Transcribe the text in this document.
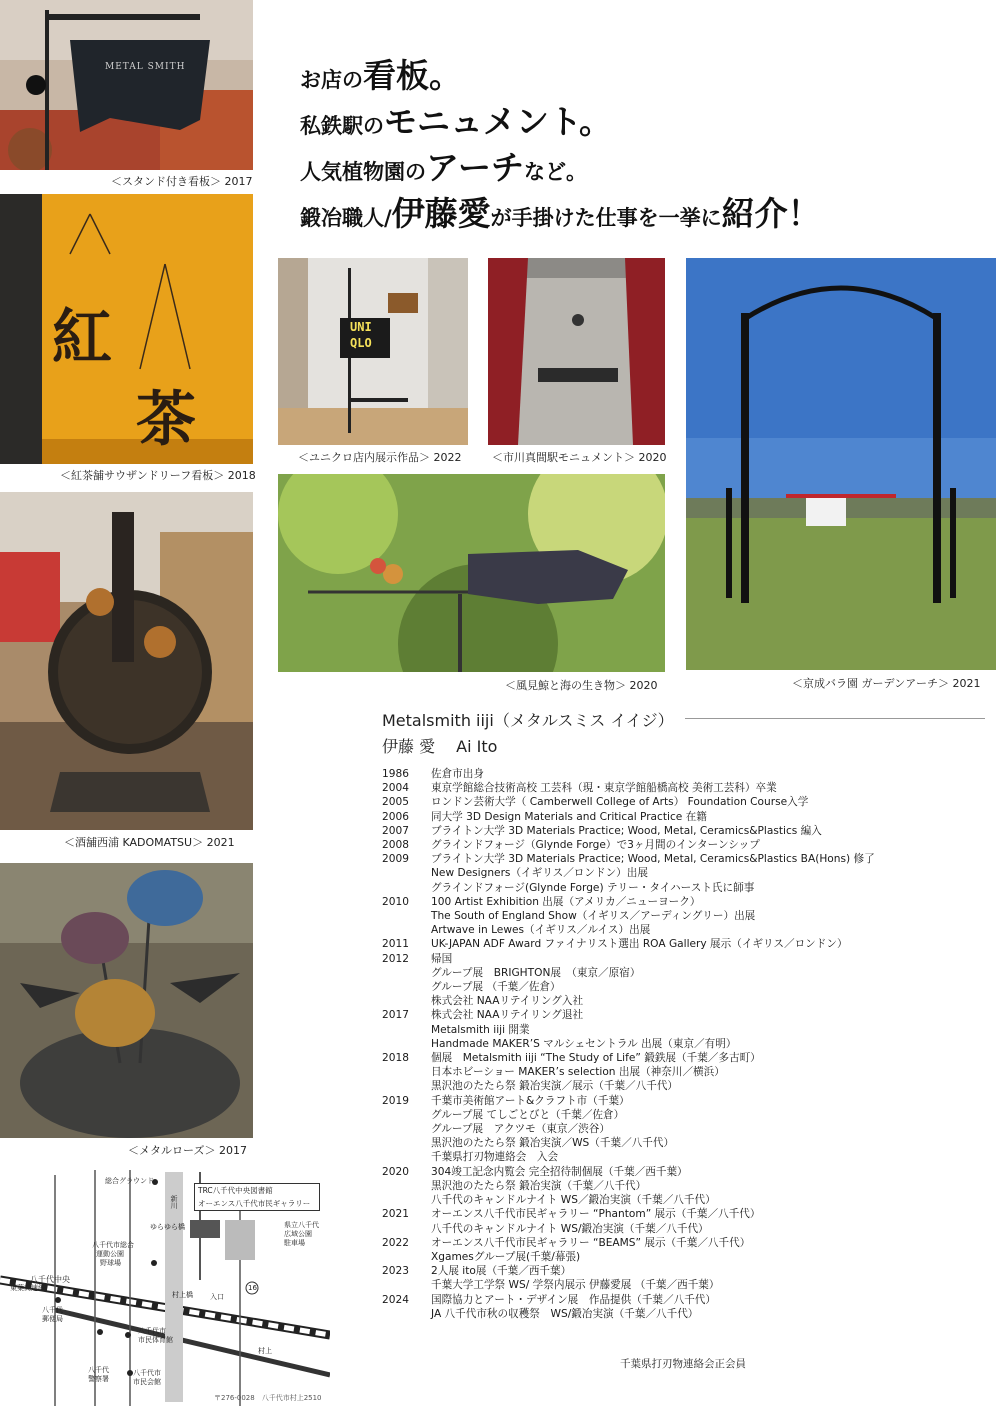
お店の看板。
私鉄駅のモニュメント。
人気植物園のアーチなど。
鍛冶職人/伊藤愛が手掛けた仕事を一挙に紹介！
METAL SMITH
＜スタンド付き看板＞ 2017
紅
茶
＜紅茶舗サウザンドリーフ看板＞ 2018
＜酒舗西浦 KADOMATSU＞ 2021
＜メタルローズ＞ 2017
UNI
QLO
＜ユニクロ店内展示作品＞ 2022	＜市川真間駅モニュメント＞ 2020
＜京成バラ園 ガーデンアーチ＞ 2021
＜風見鯨と海の生き物＞ 2020
Metalsmith iiji（メタルスミス イイジ）
伊藤 愛　 Ai Ito
1986	佐倉市出身
2004	東京学館総合技術高校 工芸科（現・東京学館船橋高校 美術工芸科）卒業
2005	ロンドン芸術大学（ Camberwell College of Arts） Foundation Course入学
2006	同大学 3D Design Materials and Critical Practice 在籍
2007	ブライトン大学 3D Materials Practice; Wood, Metal, Ceramics&Plastics 編入
2008	グラインドフォージ（Glynde Forge）で3ヶ月間のインターンシップ
2009	ブライトン大学 3D Materials Practice; Wood, Metal, Ceramics&Plastics BA(Hons) 修了
New Designers（イギリス／ロンドン）出展
グラインドフォージ(Glynde Forge) テリー・タイハースト氏に師事
2010	100 Artist Exhibition 出展（アメリカ／ニューヨーク）
The South of England Show（イギリス／アーディングリー）出展
Artwave in Lewes（イギリス／ルイス）出展
2011	UK-JAPAN ADF Award ファイナリスト選出 ROA Gallery 展示（イギリス／ロンドン）
2012	帰国
グループ展　BRIGHTON展　（東京／原宿）
グループ展 （千葉／佐倉）
株式会社 NAAリテイリング入社
2017	株式会社 NAAリテイリング退社
Metalsmith iiji 開業
Handmade MAKER’S マルシェセントラル 出展（東京／有明）
2018	個展　Metalsmith iiji “The Study of Life” 鍛鉄展（千葉／多古町）
日本ホビーショー MAKER’s selection 出展（神奈川／横浜）
黒沢池のたたら祭 鍛冶実演／展示（千葉／八千代）
2019	千葉市美術館アート&クラフト市（千葉）
グループ展 てしごとびと（千葉／佐倉）
グループ展　アクツモ（東京／渋谷）
黒沢池のたたら祭 鍛冶実演／WS（千葉／八千代）
千葉県打刃物連絡会　入会
2020	304竣工記念内覧会 完全招待制個展（千葉／西千葉）
黒沢池のたたら祭 鍛冶実演（千葉／八千代）
八千代のキャンドルナイト WS／鍛冶実演（千葉／八千代）
2021	オーエンス八千代市民ギャラリー “Phantom” 展示（千葉／八千代）
八千代のキャンドルナイト WS/鍛冶実演（千葉／八千代）
2022	オーエンス八千代市民ギャラリー “BEAMS” 展示（千葉／八千代）
Xgamesグループ展(千葉/幕張)
2023	2人展 ito展（千葉／西千葉）
千葉大学工学祭 WS/ 学祭内展示 伊藤愛展 （千葉／西千葉）
2024	国際協力とアート・デザイン展　作品提供（千葉／八千代）
JA 八千代市秋の収穫祭　WS/鍛冶実演（千葉／八千代）
千葉県打刃物連絡会正会員
TRC八千代中央図書館
オーエンス八千代市民ギャラリー
総合グラウンド
新川
ゆらゆら橋
八千代市総合
運動公園
野球場
県立八千代
広域公園
駐車場
八千代中央
東葉高速線
村上橋 入口
16
八千代
郵便局
八千代市
市民体育館
村上
八千代
警察署
八千代市
市民会館
〒276-0028　八千代市村上2510
